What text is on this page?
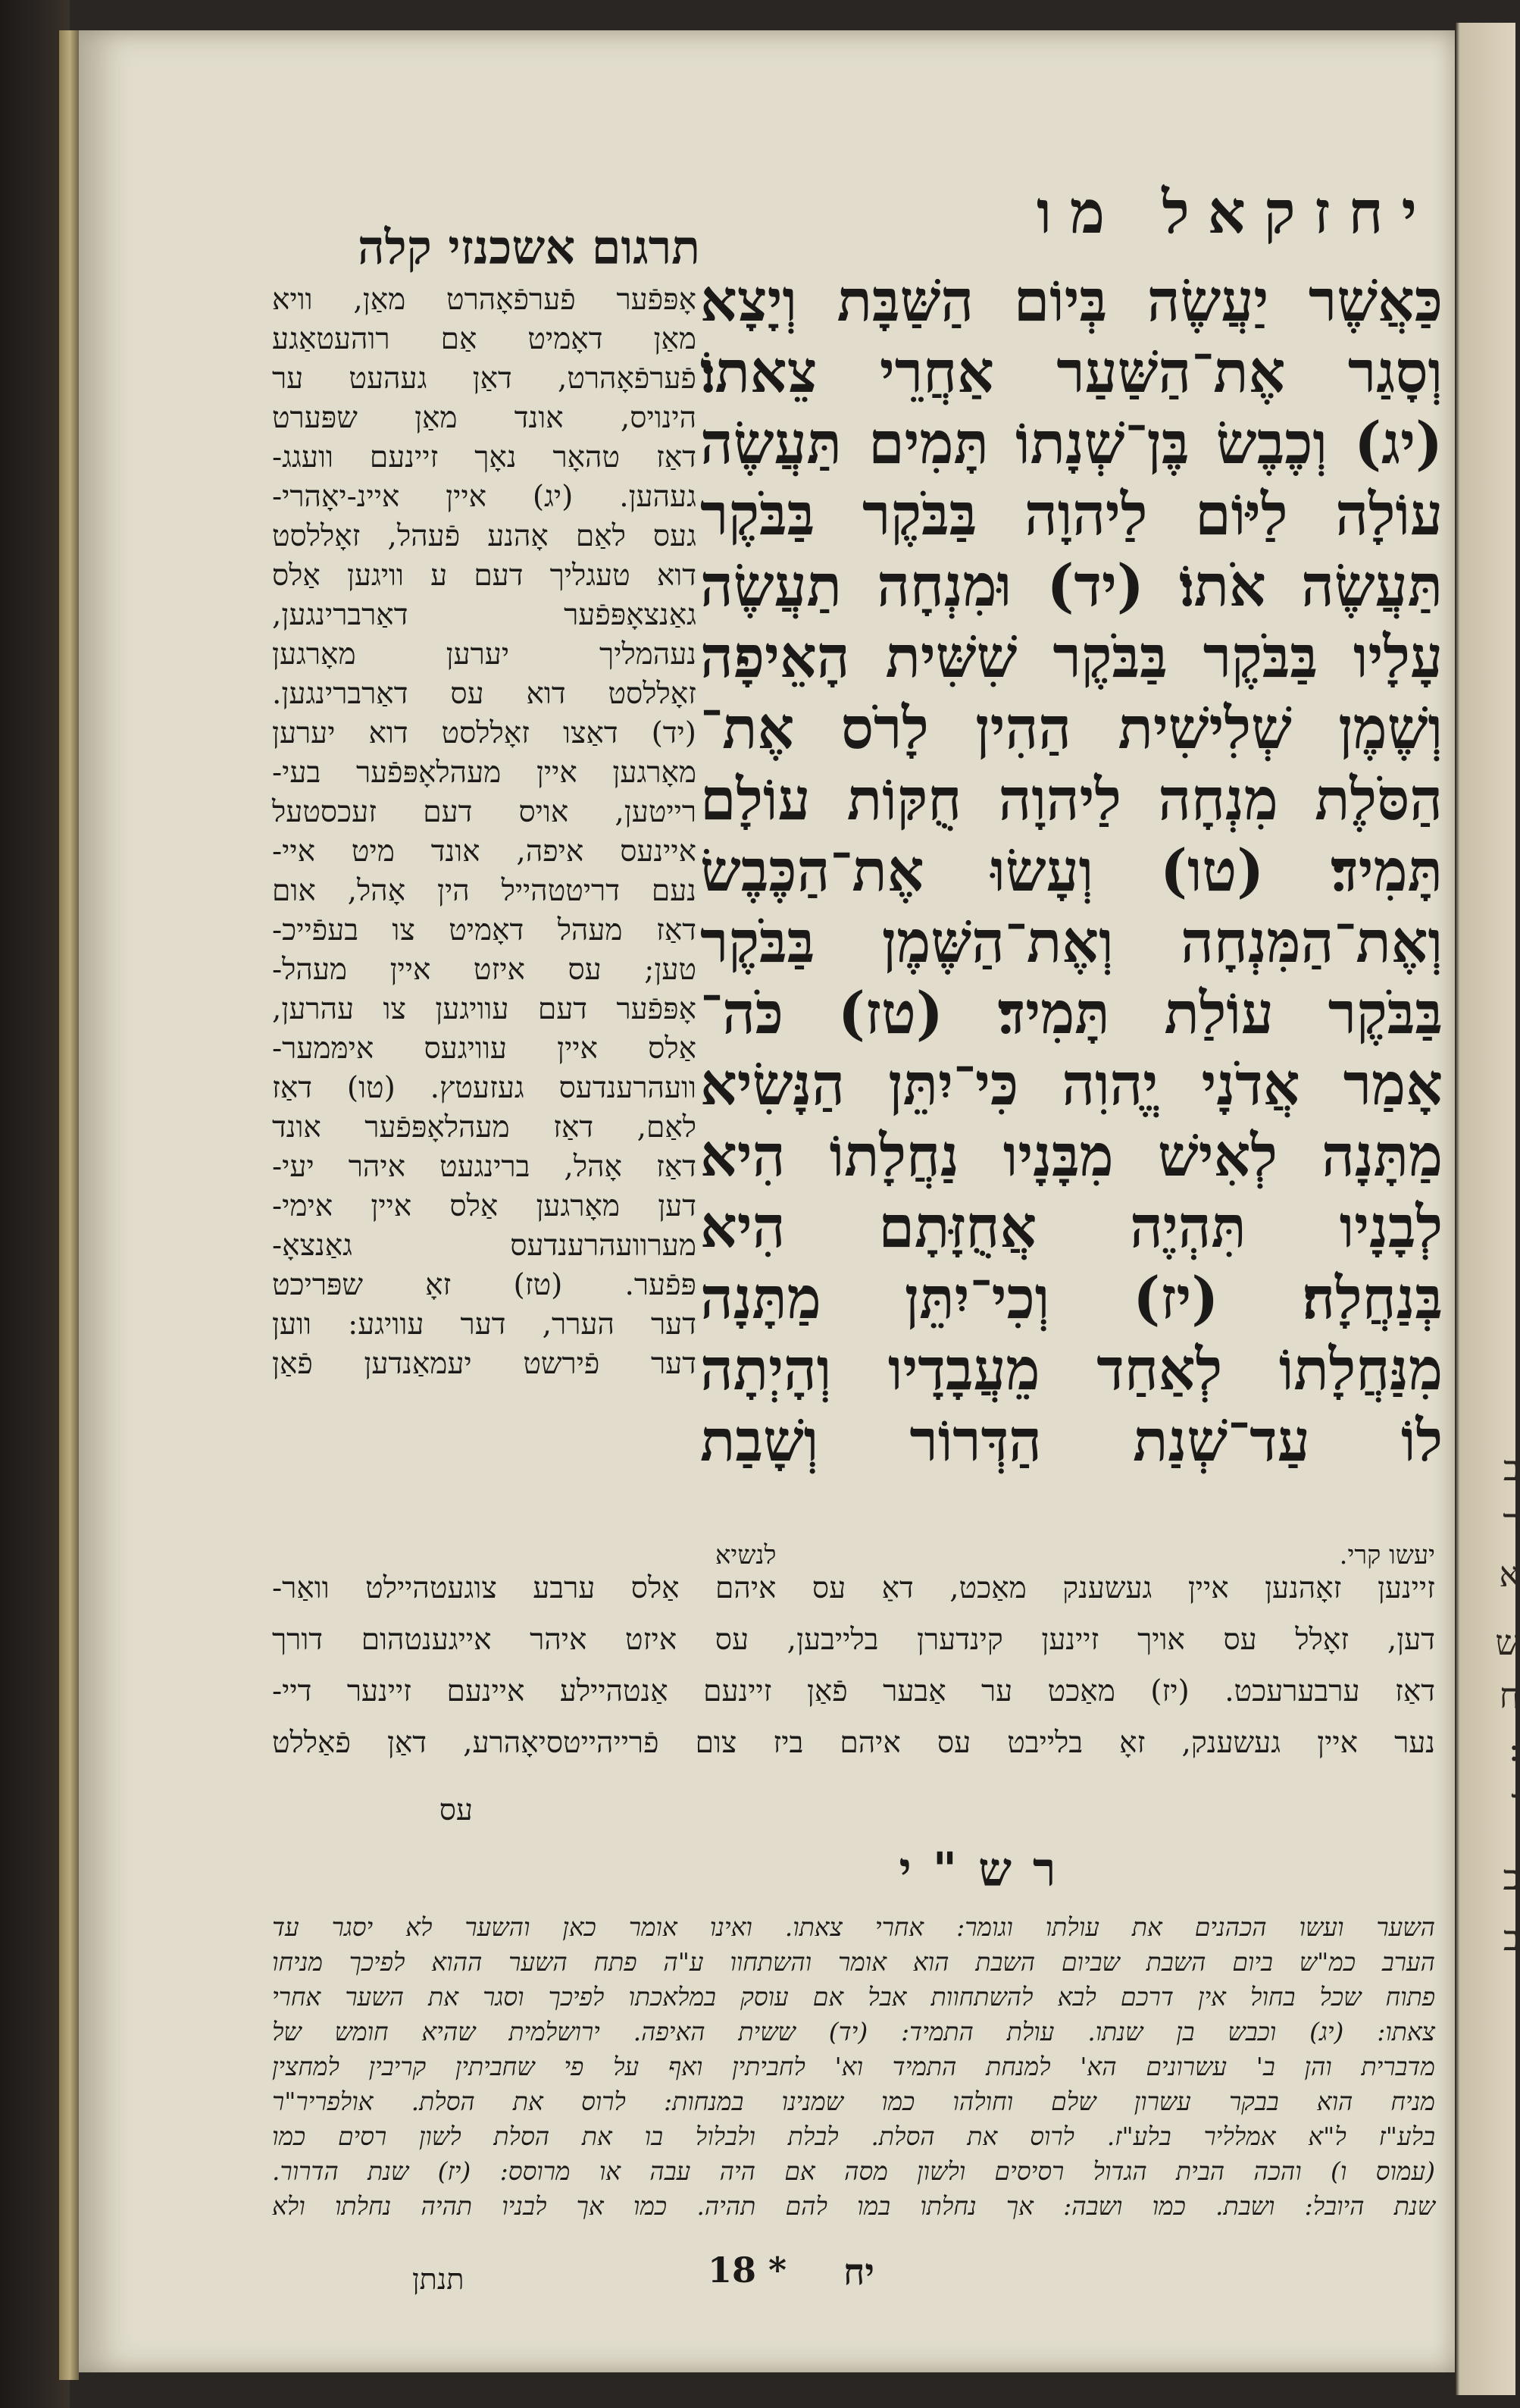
ב
ר
א
ש
ח
:
ו
כ
ב
יחזקאל מו
תרגום אשכנזי קלה
כַּאֲשֶׁר יַעֲשֶׂה בְּיוֹם הַשַּׁבָּת וְיָצָא
וְסָגַר אֶת־הַשַּׁעַר אַחֲרֵי צֵאתוֹ׃
(יג) וְכֶבֶשׂ בֶּן־שְׁנָתוֹ תָּמִים תַּעֲשֶׂה
עוֹלָה לַיּוֹם לַיהוָה בַּבֹּקֶר בַּבֹּקֶר
תַּעֲשֶׂה אֹתוֹ׃ (יד) וּמִנְחָה תַעֲשֶׂה
עָלָיו בַּבֹּקֶר בַּבֹּקֶר שִׁשִּׁית הָאֵיפָה
וְשֶׁמֶן שְׁלִישִׁית הַהִין לָרֹס אֶת־
הַסֹּלֶת מִנְחָה לַיהוָה חֻקּוֹת עוֹלָם
תָּמִיד׃ (טו) וְעָשׂוּ אֶת־הַכֶּבֶשׂ
וְאֶת־הַמִּנְחָה וְאֶת־הַשֶּׁמֶן בַּבֹּקֶר
בַּבֹּקֶר עוֹלַת תָּמִיד׃ (טז) כֹּה־
אָמַר אֲדֹנָי יֱהוִה כִּי־יִתֵּן הַנָּשִׂיא
מַתָּנָה לְאִישׁ מִבָּנָיו נַחֲלָתוֹ הִיא
לְבָנָיו תִּהְיֶה אֲחֻזָּתָם הִיא
בְּנַחֲלָה׃ (יז) וְכִי־יִתֵּן מַתָּנָה
מִנַּחֲלָתוֹ לְאַחַד מֵעֲבָדָיו וְהָיְתָה
לוֹ עַד־שְׁנַת הַדְּרוֹר וְשָׁבַת
יעשו קרי.
לנשיא
אָפּפֿער פֿערפֿאָהרט מאַן, וויא
מאַן דאָמיט אַם רוהעטאַגע
פֿערפֿאָהרט, דאַן געהעט ער
הינויס, אונד מאַן שפּערט
דאַז טהאָר נאָך זיינעם וועגג-
געהען. (יג) איין איינ-יאָהרי-
געס לאַם אָהנע פֿעהל, זאָללסט
דוא טעגליך דעם ע וויגען אַלס
גאַנצאָפּפֿער דאַרברינגען,
נעהמליך יערען מאָרגען
זאָללסט דוא עס דאַרברינגען.
(יד) דאַצו זאָללסט דוא יערען
מאָרגען איין מעהלאָפּפֿער בעי-
רייטען, אויס דעם זעכסטעל
איינעס איפה, אונד מיט איי-
נעם דריטטהייל הין אָהל, אום
דאַז מעהל דאָמיט צו בעפֿייכ-
טען; עס איזט איין מעהל-
אָפּפֿער דעם עוויגען צו עהרען,
אַלס איין עוויגעס אימּמער-
וועהרענדעס געזעטץ. (טו) דאַז
לאַם, דאַז מעהלאָפּפֿער אונד
דאַז אָהל, ברינגעט איהר יעי-
דען מאָרגען אַלס איין אימי-
מערוועהרענדעס גאַנצאָ-
פּפֿער. (טז) זאָ שפּריכט
דער הערר, דער עוויגע: ווען
דער פֿירשט יעמאַנדען פֿאַן
זיינען זאָהנען איין געשענק מאַכט, דאַ עס איהם אַלס ערבע צוגעטהיילט וואַר-
דען, זאָלל עס אויך זיינען קינדערן בלייבען, עס איזט איהר אייגענטהום דורך
דאַז ערבערעכט. (יז) מאַכט ער אַבער פֿאַן זיינעם אַנטהיילע איינעם זיינער דיי-
נער איין געשענק, זאָ בלייבט עס איהם ביז צום פֿרייהייטסיאָהרע, דאַן פֿאַללט
עס
רש"י
השער ועשו הכהנים את עולתו וגומר: אחרי צאתו. ואינו אומר כאן והשער לא יסגר עד
הערב כמ"ש ביום השבת שביום השבת הוא אומר והשתחוו ע"ה פתח השער ההוא לפיכך מניחו
פתוח שכל בחול אין דרכם לבא להשתחוות אבל אם עוסק במלאכתו לפיכך וסגר את השער אחרי
צאתו: (יג) וכבש בן שנתו. עולת התמיד: (יד) ששית האיפה. ירושלמית שהיא חומש של
מדברית והן ב' עשרונים הא' למנחת התמיד וא' לחביתין ואף על פי שחביתין קריבין למחצין
מניח הוא בבקר עשרון שלם וחולהו כמו שמנינו במנחות: לרוס את הסלת. אולפריר"ר
בלע"ז ל"א אמלליר בלע"ז. לרוס את הסלת. לבלת ולבלול בו את הסלת לשון רסים כמו
(עמוס ו) והכה הבית הגדול רסיסים ולשון מסה אם היה עבה או מרוסס: (יז) שנת הדרור.
שנת היובל: ושבת. כמו ושבה: אך נחלתו במו להם תהיה. כמו אך לבניו תהיה נחלתו ולא
תנתן	18 *	יח
